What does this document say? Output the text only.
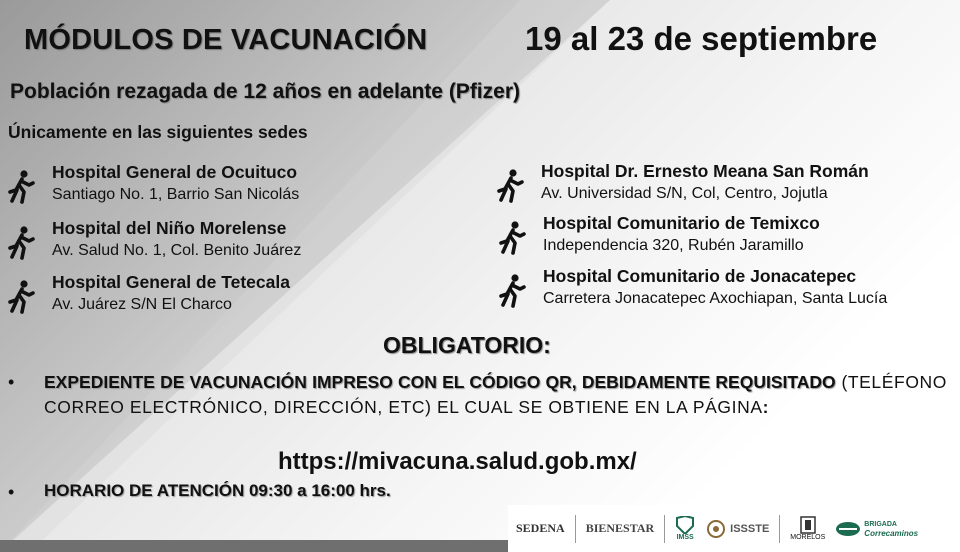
MÓDULOS DE VACUNACIÓN	19 al 23 de septiembre
Población rezagada de 12 años en adelante (Pfizer)
Únicamente en las siguientes sedes
Hospital General de Ocuituco
Santiago No. 1, Barrio San Nicolás
Hospital del Niño Morelense
Av. Salud No. 1, Col. Benito Juárez
Hospital General de Tetecala
Av. Juárez S/N El Charco
Hospital Dr. Ernesto Meana San Román
Av. Universidad S/N, Col, Centro, Jojutla
Hospital Comunitario de Temixco
Independencia 320, Rubén Jaramillo
Hospital Comunitario de Jonacatepec
Carretera Jonacatepec Axochiapan, Santa Lucía
OBLIGATORIO:
• EXPEDIENTE DE VACUNACIÓN IMPRESO CON EL CÓDIGO QR, DEBIDAMENTE REQUISITADO (TELÉFONO CORREO ELECTRÓNICO, DIRECCIÓN, ETC) EL CUAL SE OBTIENE EN LA PÁGINA:
https://mivacuna.salud.gob.mx/
• HORARIO DE ATENCIÓN 09:30 a 16:00 hrs.
SEDENA BIENESTAR
IMSS
ISSSTE
MORELOS
BRIGADA
Correcaminos
